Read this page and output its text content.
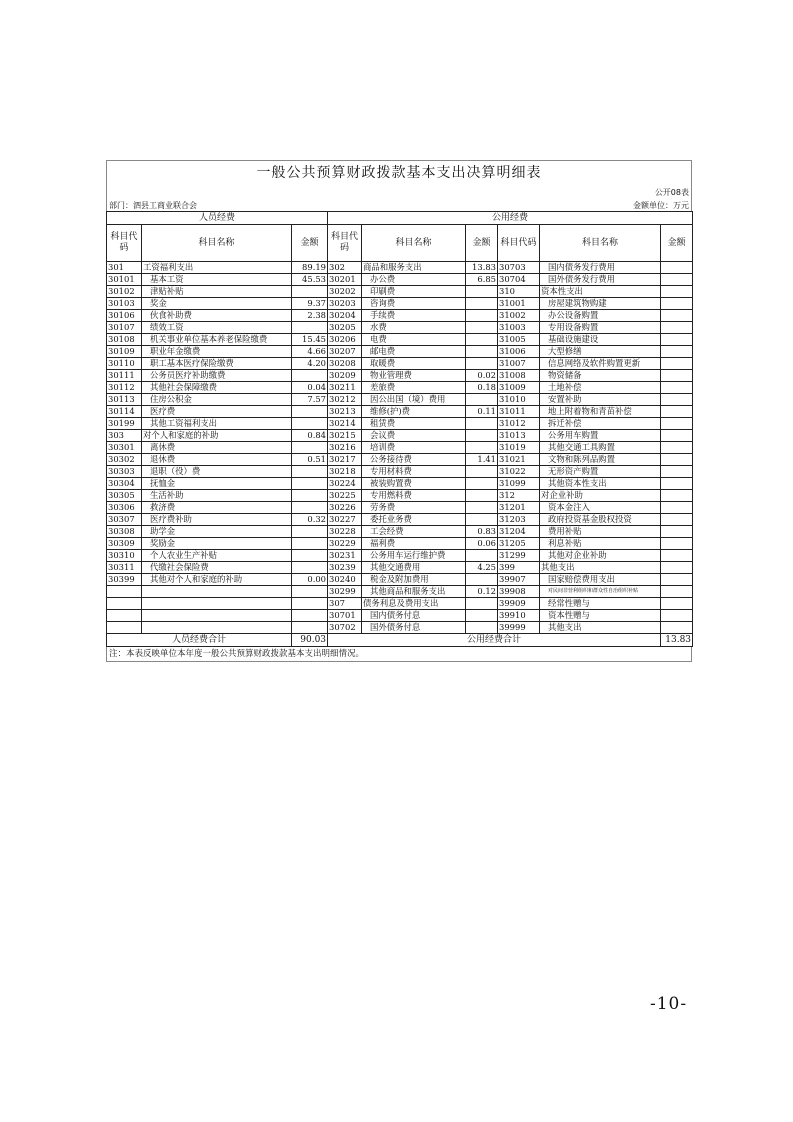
一般公共预算财政拨款基本支出决算明细表
公开08表
部门：泗县工商业联合会	金额单位：万元
人员经费			公用经费					
科目代码	科目名称	金额	科目代码	科目名称	金额	科目代码	科目名称	金额
301	工资福利支出	89.19	302	商品和服务支出	13.83	30703	国内债务发行费用	
30101	基本工资	45.53	30201	办公费	6.85	30704	国外债务发行费用	
30102	津贴补贴		30202	印刷费		310	资本性支出	
30103	奖金	9.37	30203	咨询费		31001	房屋建筑物购建	
30106	伙食补助费	2.38	30204	手续费		31002	办公设备购置	
30107	绩效工资		30205	水费		31003	专用设备购置	
30108	机关事业单位基本养老保险缴费	15.45	30206	电费		31005	基础设施建设	
30109	职业年金缴费	4.66	30207	邮电费		31006	大型修缮	
30110	职工基本医疗保险缴费	4.20	30208	取暖费		31007	信息网络及软件购置更新	
30111	公务员医疗补助缴费		30209	物业管理费	0.02	31008	物资储备	
30112	其他社会保障缴费	0.04	30211	差旅费	0.18	31009	土地补偿	
30113	住房公积金	7.57	30212	因公出国（境）费用		31010	安置补助	
30114	医疗费		30213	维修(护)费	0.11	31011	地上附着物和青苗补偿	
30199	其他工资福利支出		30214	租赁费		31012	拆迁补偿	
303	对个人和家庭的补助	0.84	30215	会议费		31013	公务用车购置	
30301	离休费		30216	培训费		31019	其他交通工具购置	
30302	退休费	0.51	30217	公务接待费	1.41	31021	文物和陈列品购置	
30303	退职（役）费		30218	专用材料费		31022	无形资产购置	
30304	抚恤金		30224	被装购置费		31099	其他资本性支出	
30305	生活补助		30225	专用燃料费		312	对企业补助	
30306	救济费		30226	劳务费		31201	资本金注入	
30307	医疗费补助	0.32	30227	委托业务费		31203	政府投资基金股权投资	
30308	助学金		30228	工会经费	0.83	31204	费用补贴	
30309	奖励金		30229	福利费	0.06	31205	利息补贴	
30310	个人农业生产补贴		30231	公务用车运行维护费		31299	其他对企业补助	
30311	代缴社会保险费		30239	其他交通费用	4.25	399	其他支出	
30399	其他对个人和家庭的补助	0.00	30240	税金及附加费用		39907	国家赔偿费用支出	
			30299	其他商品和服务支出	0.12	39908	对民间非营利组织和群众性自治组织补贴	
			307	债务利息及费用支出		39909	经常性赠与	
			30701	国内债务付息		39910	资本性赠与	
			30702	国外债务付息		39999	其他支出	
人员经费合计		90.03	公用经费合计					13.83
注：本表反映单位本年度一般公共预算财政拨款基本支出明细情况。
-10-
